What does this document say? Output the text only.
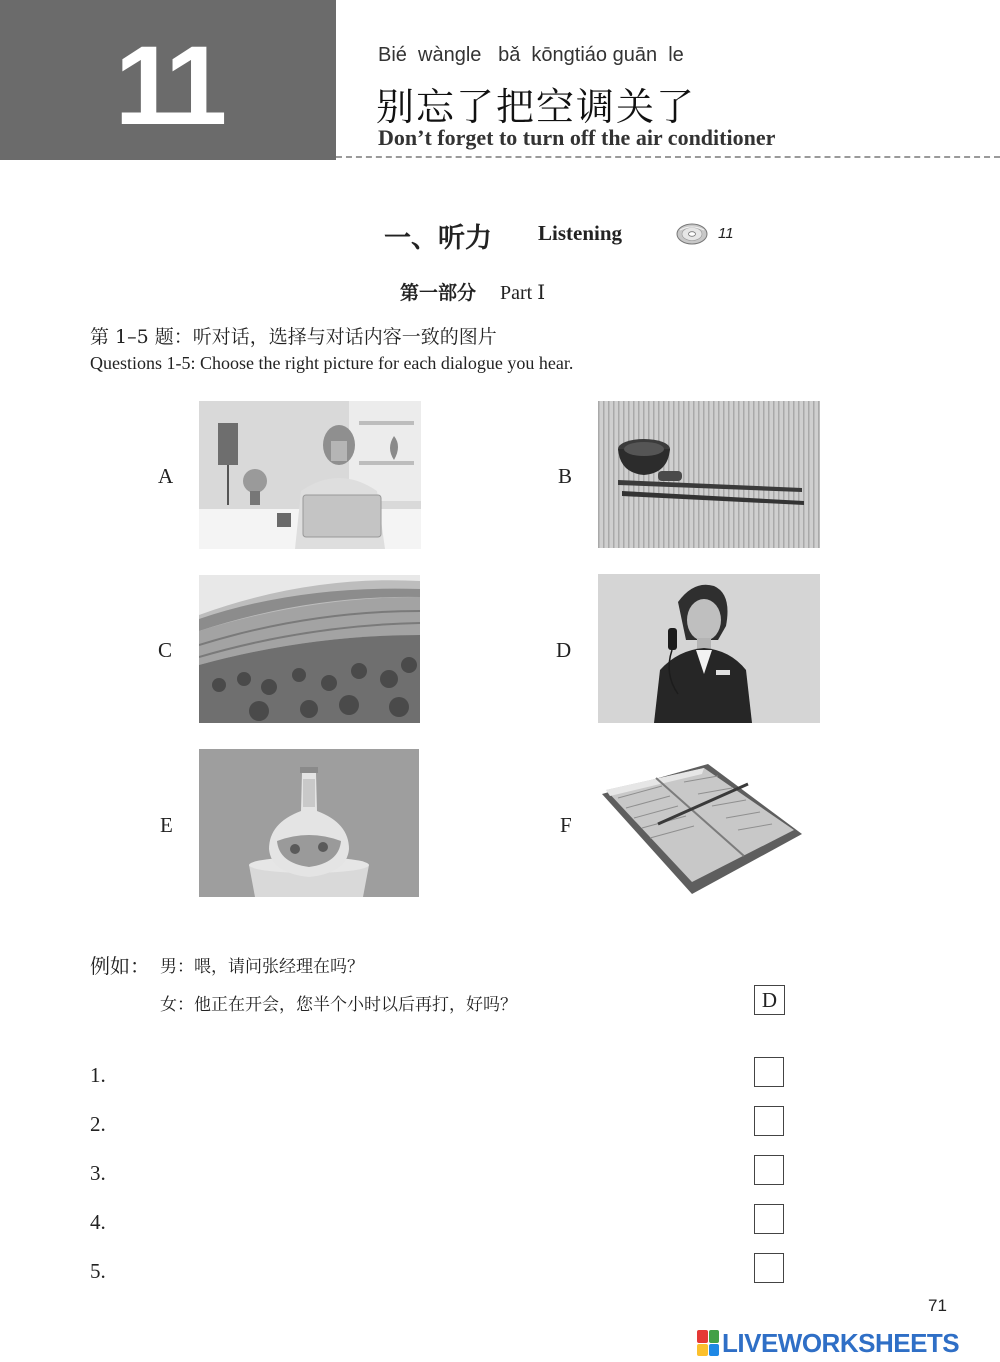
11	Bié  wàngle   bǎ  kōngtiáo guān  le
别忘了把空调关了
Don’t forget to turn off the air conditioner
一、听力 Listening	11
第一部分 Part Ⅰ
第 1–5 题：听对话，选择与对话内容一致的图片
Questions 1-5: Choose the right picture for each dialogue you hear.
A	B
C	D
E	F
例如： 男：喂，请问张经理在吗？
女：他正在开会，您半个小时以后再打，好吗？	D
1.
2.
3.
4.
5.
71
LIVEWORKSHEETS
